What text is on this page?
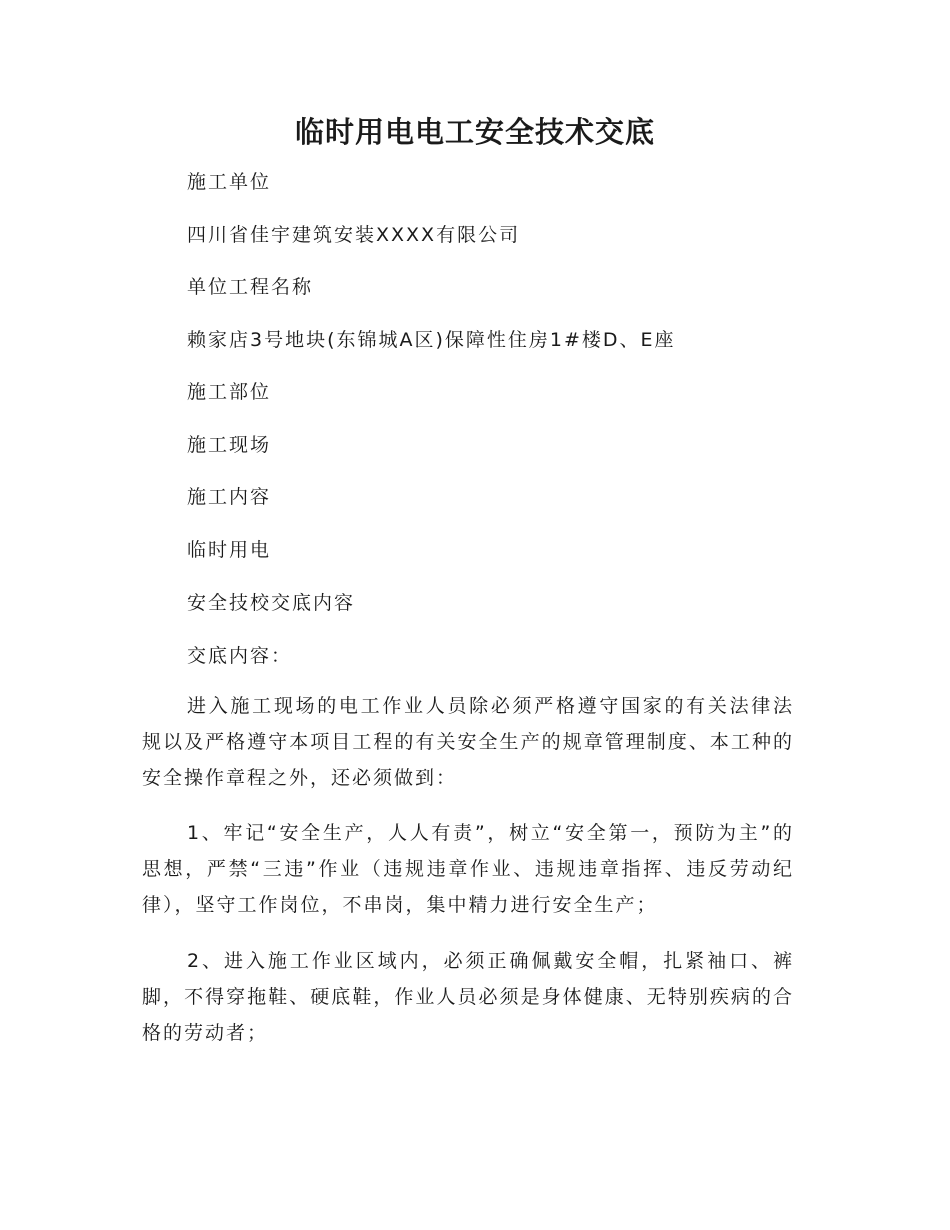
临时用电电工安全技术交底

施工单位

四川省佳宇建筑安装XXXX有限公司

单位工程名称

赖家店3号地块(东锦城A区)保障性住房1#楼D、E座

施工部位

施工现场

施工内容

临时用电

安全技校交底内容

交底内容：

进入施工现场的电工作业人员除必须严格遵守国家的有关法律法规以及严格遵守本项目工程的有关安全生产的规章管理制度、本工种的安全操作章程之外，还必须做到：

1、牢记“安全生产，人人有责”，树立“安全第一，预防为主”的思想，严禁“三违”作业（违规违章作业、违规违章指挥、违反劳动纪律），坚守工作岗位，不串岗，集中精力进行安全生产；

2、进入施工作业区域内，必须正确佩戴安全帽，扎紧袖口、裤脚，不得穿拖鞋、硬底鞋，作业人员必须是身体健康、无特别疾病的合格的劳动者；
